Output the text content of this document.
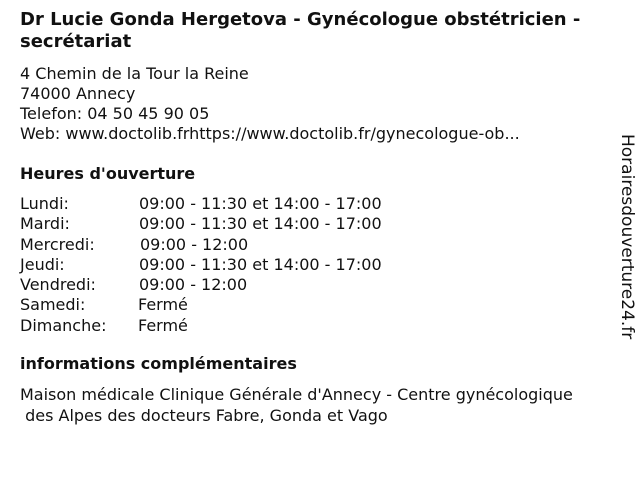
Dr Lucie Gonda Hergetova - Gynécologue obstétricien - secrétariat
4 Chemin de la Tour la Reine
74000 Annecy
Telefon: 04 50 45 90 05
Web: www.doctolib.frhttps://www.doctolib.fr/gynecologue-ob...
Heures d'ouverture
Lundi:	09:00 - 11:30 et 14:00 - 17:00
Mardi:	09:00 - 11:30 et 14:00 - 17:00
Mercredi:	09:00 - 12:00
Jeudi:	09:00 - 11:30 et 14:00 - 17:00
Vendredi:	09:00 - 12:00
Samedi:	Fermé
Dimanche: Fermé
informations complémentaires
Maison médicale Clinique Générale d'Annecy - Centre gynécologique
des Alpes des docteurs Fabre, Gonda et Vago
Horairesdouverture24.fr
